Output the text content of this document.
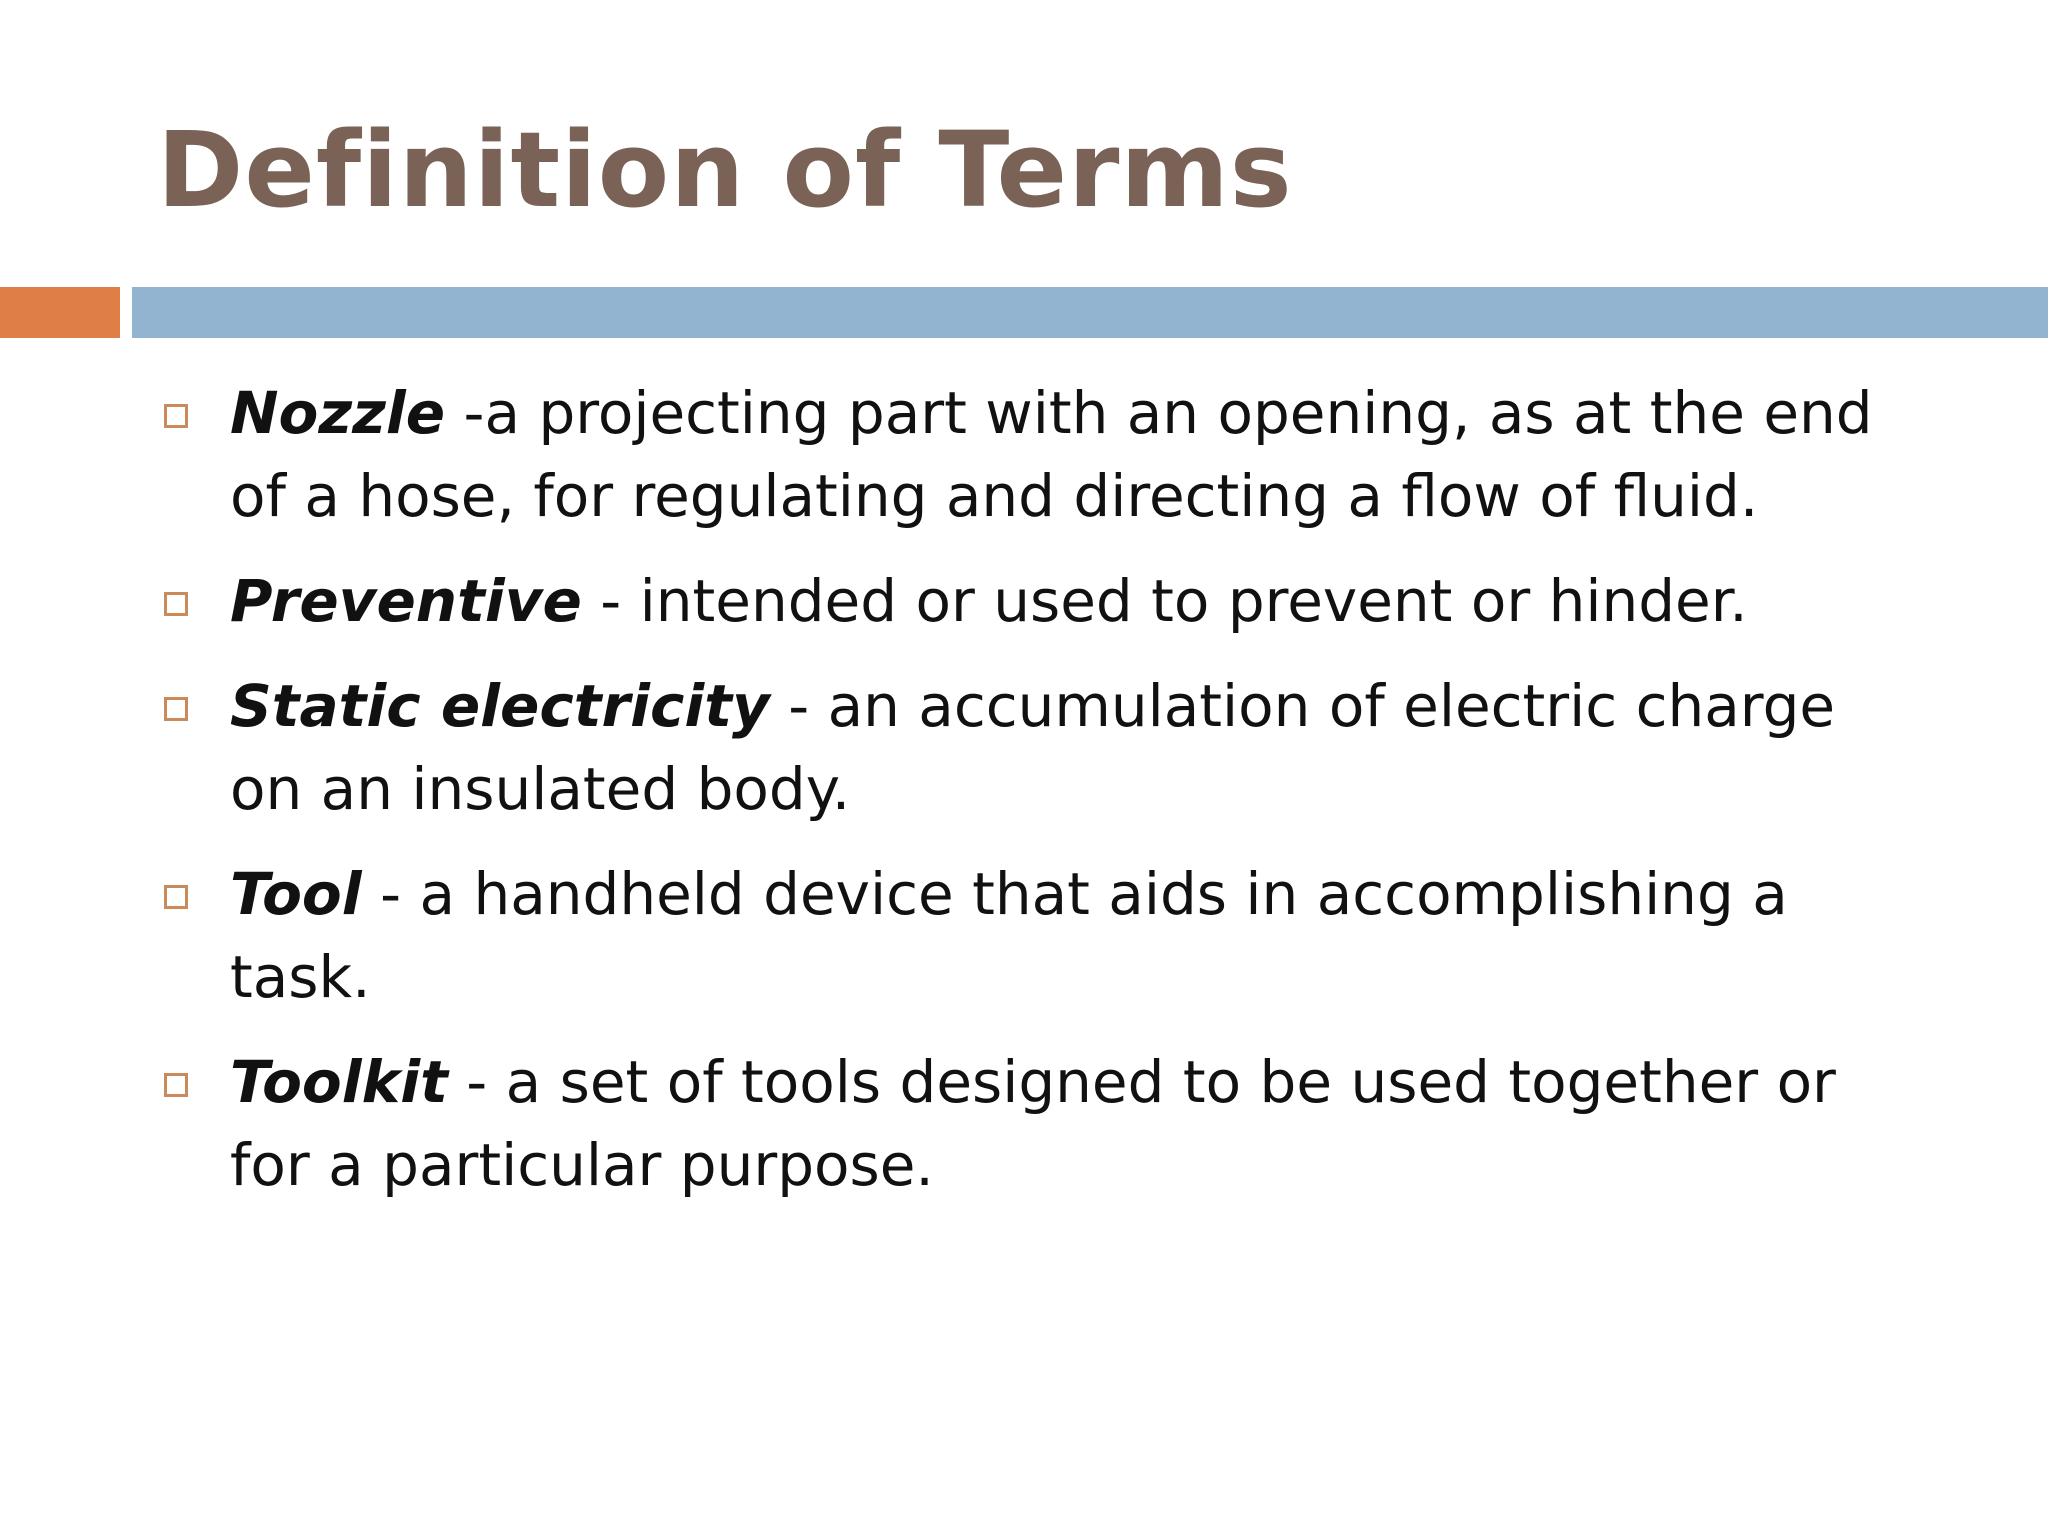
Definition of Terms
Nozzle -a projecting part with an opening, as at the end of a hose, for regulating and directing a flow of fluid.
Preventive - intended or used to prevent or hinder.
Static electricity - an accumulation of electric charge on an insulated body.
Tool - a handheld device that aids in accomplishing a task.
Toolkit - a set of tools designed to be used together or for a particular purpose.
